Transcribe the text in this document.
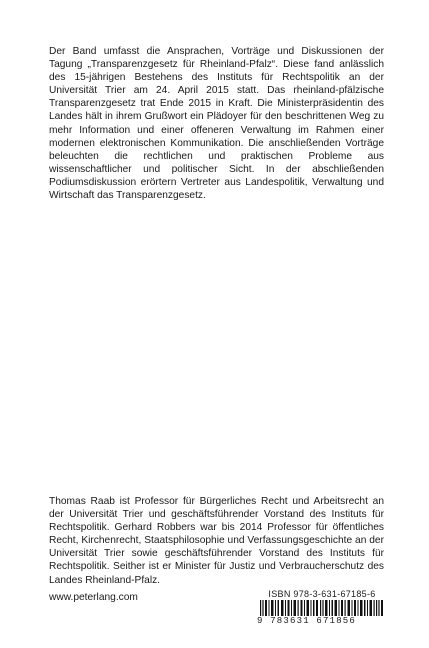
Der Band umfasst die Ansprachen, Vorträge und Diskussionen der Tagung „Transparenzgesetz für Rheinland-Pfalz“. Diese fand anlässlich des 15-jährigen Bestehens des Instituts für Rechtspolitik an der Universität Trier am 24. April 2015 statt. Das rheinland-pfälzische Transparenzgesetz trat Ende 2015 in Kraft. Die Ministerpräsidentin des Landes hält in ihrem Grußwort ein Plädoyer für den beschrittenen Weg zu mehr Information und einer offeneren Verwaltung im Rahmen einer modernen elektronischen Kommunikation. Die anschließenden Vorträge beleuchten die rechtlichen und praktischen Probleme aus wissenschaftlicher und politischer Sicht. In der abschließenden Podiumsdiskussion erörtern Vertreter aus Landespolitik, Verwaltung und Wirtschaft das Transparenzgesetz.

Thomas Raab ist Professor für Bürgerliches Recht und Arbeitsrecht an der Universität Trier und geschäftsführender Vorstand des Instituts für Rechtspolitik. Gerhard Robbers war bis 2014 Professor für öffentliches Recht, Kirchenrecht, Staatsphilosophie und Verfassungsgeschichte an der Universität Trier sowie geschäftsführender Vorstand des Instituts für Rechtspolitik. Seither ist er Minister für Justiz und Verbraucherschutz des Landes Rheinland-Pfalz.

www.peterlang.com	ISBN 978-3-631-67185-6
9 783631 671856
